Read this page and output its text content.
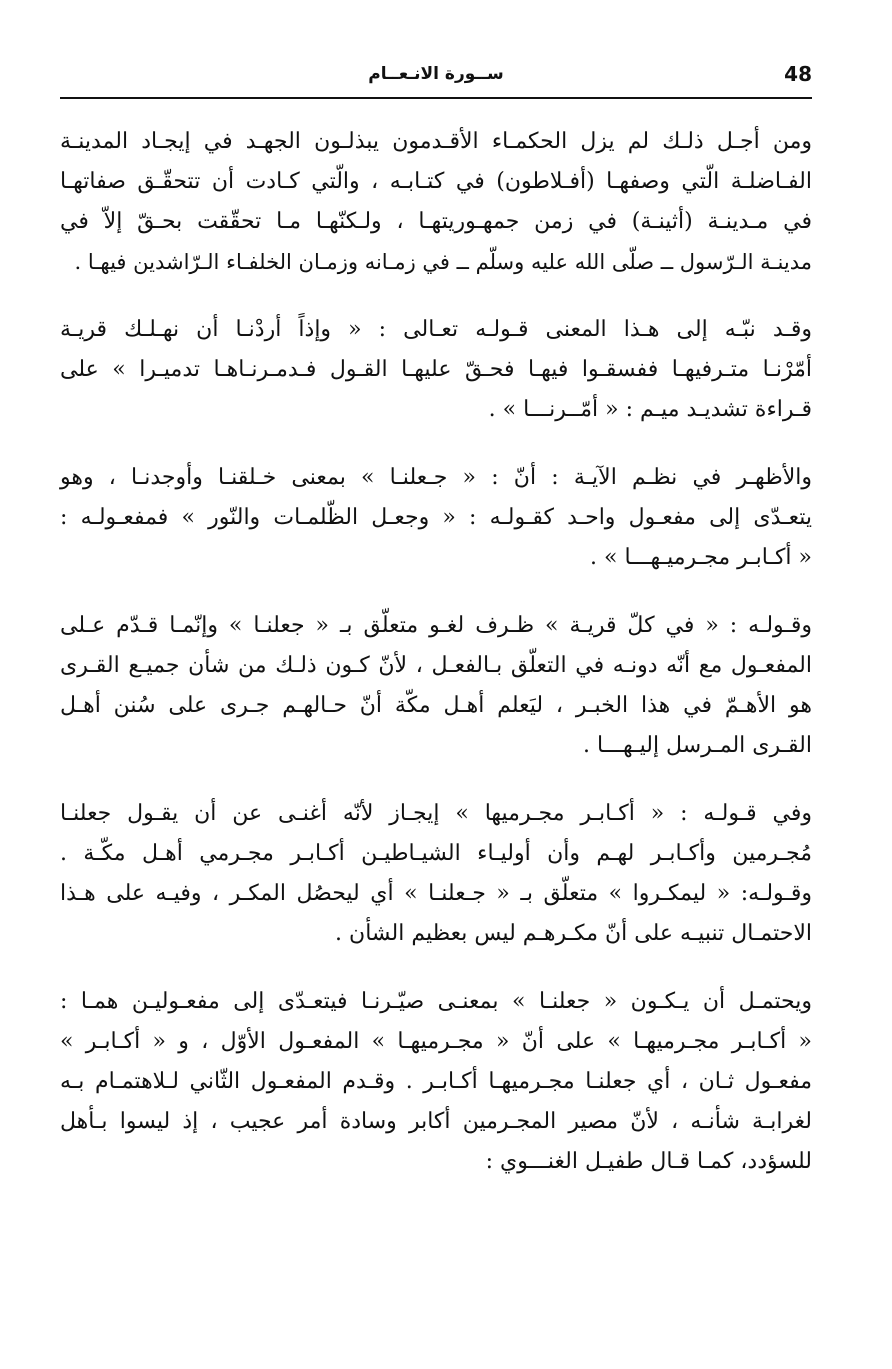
48
ســورة الانـعــام

ومن أجـل ذلـك لم يزل الحكمـاء الأقـدمون يبذلـون الجهـد في إيجـاد المدينـة
الفـاضلـة الّتي وصفهـا (أفـلاطون) في كتـابـه ، والّتي كـادت أن تتحقّـق صفاتهـا
في مـدينـة (أثينـة) في زمن جمهـوريتهـا ، ولـكنّهـا مـا تحقّقت بحـقّ إلاّ في
مدينـة الـرّسول ــ صلّى الله عليه وسلّم ــ في زمـانه وزمـان الخلفـاء الـرّاشدين فيهـا .

وقـد نبّـه إلى هـذا المعنى قـولـه تعـالى : « وإذاً أردْنـا أن نهـلـك قريـة
أمّرْنـا متـرفيهـا ففسقـوا فيهـا فحـقّ عليهـا القـول فـدمـرنـاهـا تدميـرا » على
قـراءة تشديـد ميـم : « أمّــرنـــا » .

والأظهـر في نظـم الآيـة : أنّ : « جـعلنـا » بمعنى خـلقنـا وأوجدنـا ، وهو
يتعـدّى إلى مفعـول واحـد كقـولـه : « وجعـل الظّلمـات والنّور » فمفعـولـه :
« أكـابـر مجـرميـهـــا » .

وقـولـه : « في كلّ قريـة » ظـرف لغـو متعلّق بـ « جعلنـا » وإنّمـا قـدّم عـلى
المفعـول مع أنّه دونـه في التعلّق بـالفعـل ، لأنّ كـون ذلـك من شأن جميـع القـرى
هو الأهـمّ في هذا الخبـر ، ليَعلم أهـل مكّة أنّ حـالهـم جـرى على سُنن أهـل
القـرى المـرسل إليـهـــا .

وفي قـولـه : « أكـابـر مجـرميها » إيجـاز لأنّه أغنـى عن أن يقـول جعلنـا
مُجـرمين وأكـابـر لهـم وأن أوليـاء الشيـاطيـن أكـابـر مجـرمي أهـل مكّـة .
وقـولـه: « ليمكـروا » متعلّق بـ « جـعلنـا » أي ليحصُل المكـر ، وفيـه على هـذا
الاحتمـال تنبيـه على أنّ مكـرهـم ليس بعظيم الشأن .

ويحتمـل أن يـكـون « جعلنـا » بمعنـى صيّـرنـا فيتعـدّى إلى مفعـوليـن همـا :
« أكـابـر مجـرميهـا » على أنّ « مجـرميهـا » المفعـول الأوّل ، و « أكـابـر »
مفعـول ثـان ، أي جعلنـا مجـرميهـا أكـابـر . وقـدم المفعـول الثّاني لـلاهتمـام بـه
لغرابـة شأنـه ، لأنّ مصير المجـرمين أكابر وسادة أمر عجيب ، إذ ليسوا بـأهل
للسؤدد، كمـا قـال طفيـل الغنـــوي :
